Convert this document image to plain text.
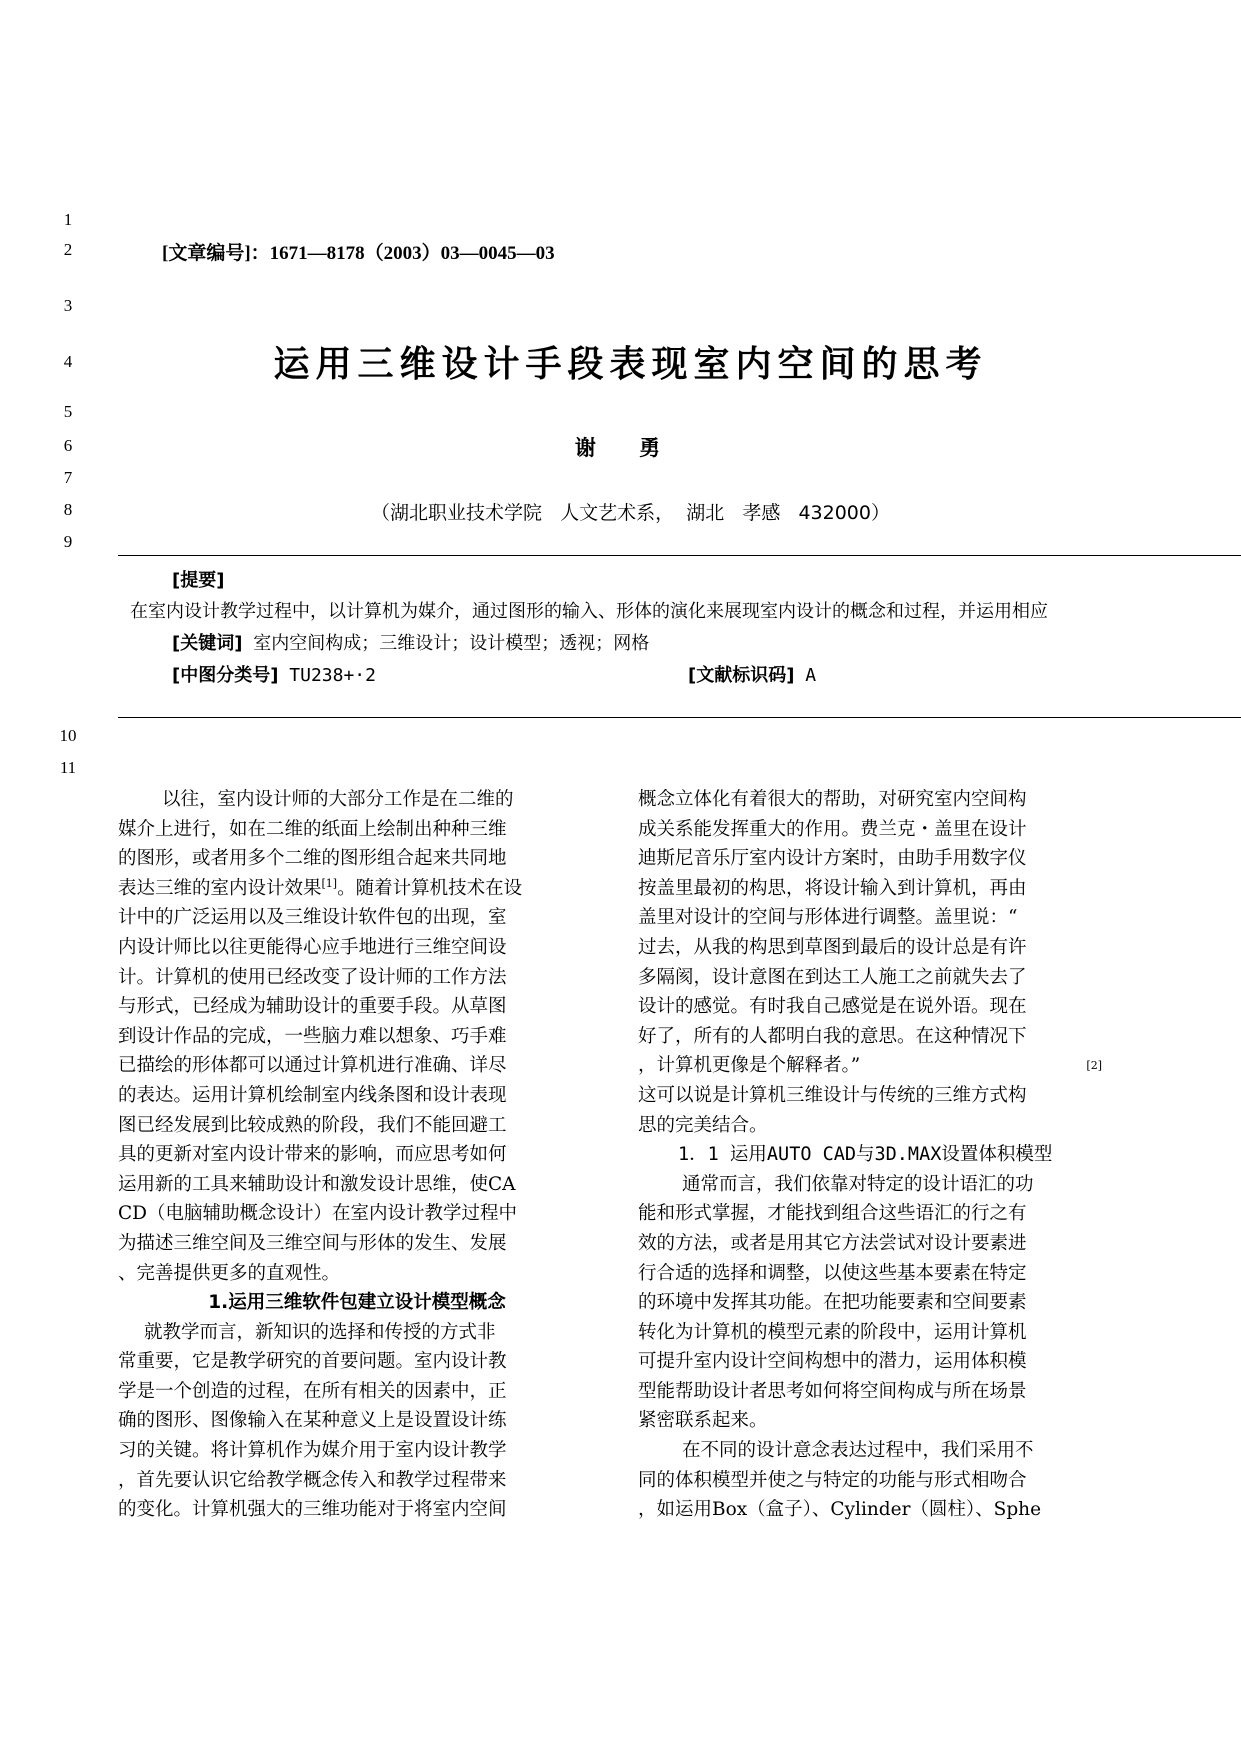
1
2
3
4
5
6
7
8
9
10
11
[文章编号]：1671—8178（2003）03—0045—03
运用三维设计手段表现室内空间的思考
谢 勇
（湖北职业技术学院   人文艺术系，  湖北   孝感   432000）
[提要]
在室内设计教学过程中，以计算机为媒介，通过图形的输入、形体的演化来展现室内设计的概念和过程，并运用相应
[关键词] 室内空间构成；三维设计；设计模型；透视；网格
[中图分类号] TU238+·2	[文献标识码] A
以往，室内设计师的大部分工作是在二维的
媒介上进行，如在二维的纸面上绘制出种种三维
的图形，或者用多个二维的图形组合起来共同地
表达三维的室内设计效果[1]。随着计算机技术在设
计中的广泛运用以及三维设计软件包的出现，室
内设计师比以往更能得心应手地进行三维空间设
计。计算机的使用已经改变了设计师的工作方法
与形式，已经成为辅助设计的重要手段。从草图
到设计作品的完成，一些脑力难以想象、巧手难
已描绘的形体都可以通过计算机进行准确、详尽
的表达。运用计算机绘制室内线条图和设计表现
图已经发展到比较成熟的阶段，我们不能回避工
具的更新对室内设计带来的影响，而应思考如何
运用新的工具来辅助设计和激发设计思维，使CA
CD（电脑辅助概念设计）在室内设计教学过程中
为描述三维空间及三维空间与形体的发生、发展
、完善提供更多的直观性。
1.运用三维软件包建立设计模型概念
就教学而言，新知识的选择和传授的方式非
常重要，它是教学研究的首要问题。室内设计教
学是一个创造的过程，在所有相关的因素中，正
确的图形、图像输入在某种意义上是设置设计练
习的关键。将计算机作为媒介用于室内设计教学
，首先要认识它给教学概念传入和教学过程带来
的变化。计算机强大的三维功能对于将室内空间
概念立体化有着很大的帮助，对研究室内空间构
成关系能发挥重大的作用。费兰克・盖里在设计
迪斯尼音乐厅室内设计方案时，由助手用数字仪
按盖里最初的构思，将设计输入到计算机，再由
盖里对设计的空间与形体进行调整。盖里说：“
过去，从我的构思到草图到最后的设计总是有许
多隔阂，设计意图在到达工人施工之前就失去了
设计的感觉。有时我自己感觉是在说外语。现在
好了，所有的人都明白我的意思。在这种情况下
，计算机更像是个解释者。”	[2]
这可以说是计算机三维设计与传统的三维方式构
思的完美结合。
1．1 运用AUTO CAD与3D.MAX设置体积模型
通常而言，我们依靠对特定的设计语汇的功
能和形式掌握，才能找到组合这些语汇的行之有
效的方法，或者是用其它方法尝试对设计要素进
行合适的选择和调整，以使这些基本要素在特定
的环境中发挥其功能。在把功能要素和空间要素
转化为计算机的模型元素的阶段中，运用计算机
可提升室内设计空间构想中的潜力，运用体积模
型能帮助设计者思考如何将空间构成与所在场景
紧密联系起来。
在不同的设计意念表达过程中，我们采用不
同的体积模型并使之与特定的功能与形式相吻合
，如运用Box（盒子）、Cylinder（圆柱）、Sphe
